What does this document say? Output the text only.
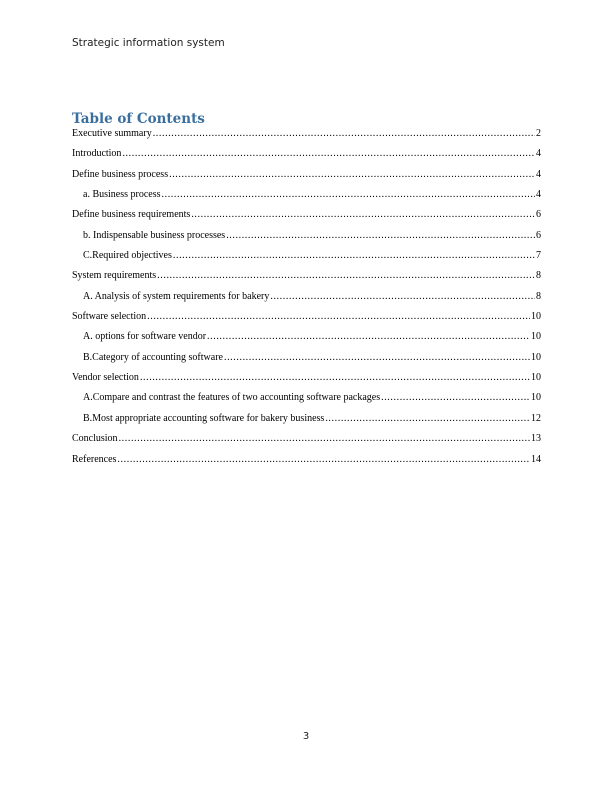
Strategic information system
Table of Contents
Executive summary .....	2
Introduction .....	4
Define business process .....	4
a. Business process .....	4
Define business requirements .....	6
b. Indispensable business processes .....	6
C.Required objectives .....	7
System requirements .....	8
A. Analysis of system requirements for bakery .....	8
Software selection .....	10
A. options for software vendor .....	10
B.Category of accounting software .....	10
Vendor selection .....	10
A.Compare and contrast the features of two accounting software packages .....	10
B.Most appropriate accounting software for bakery business .....	12
Conclusion .....	13
References .....	14
3
